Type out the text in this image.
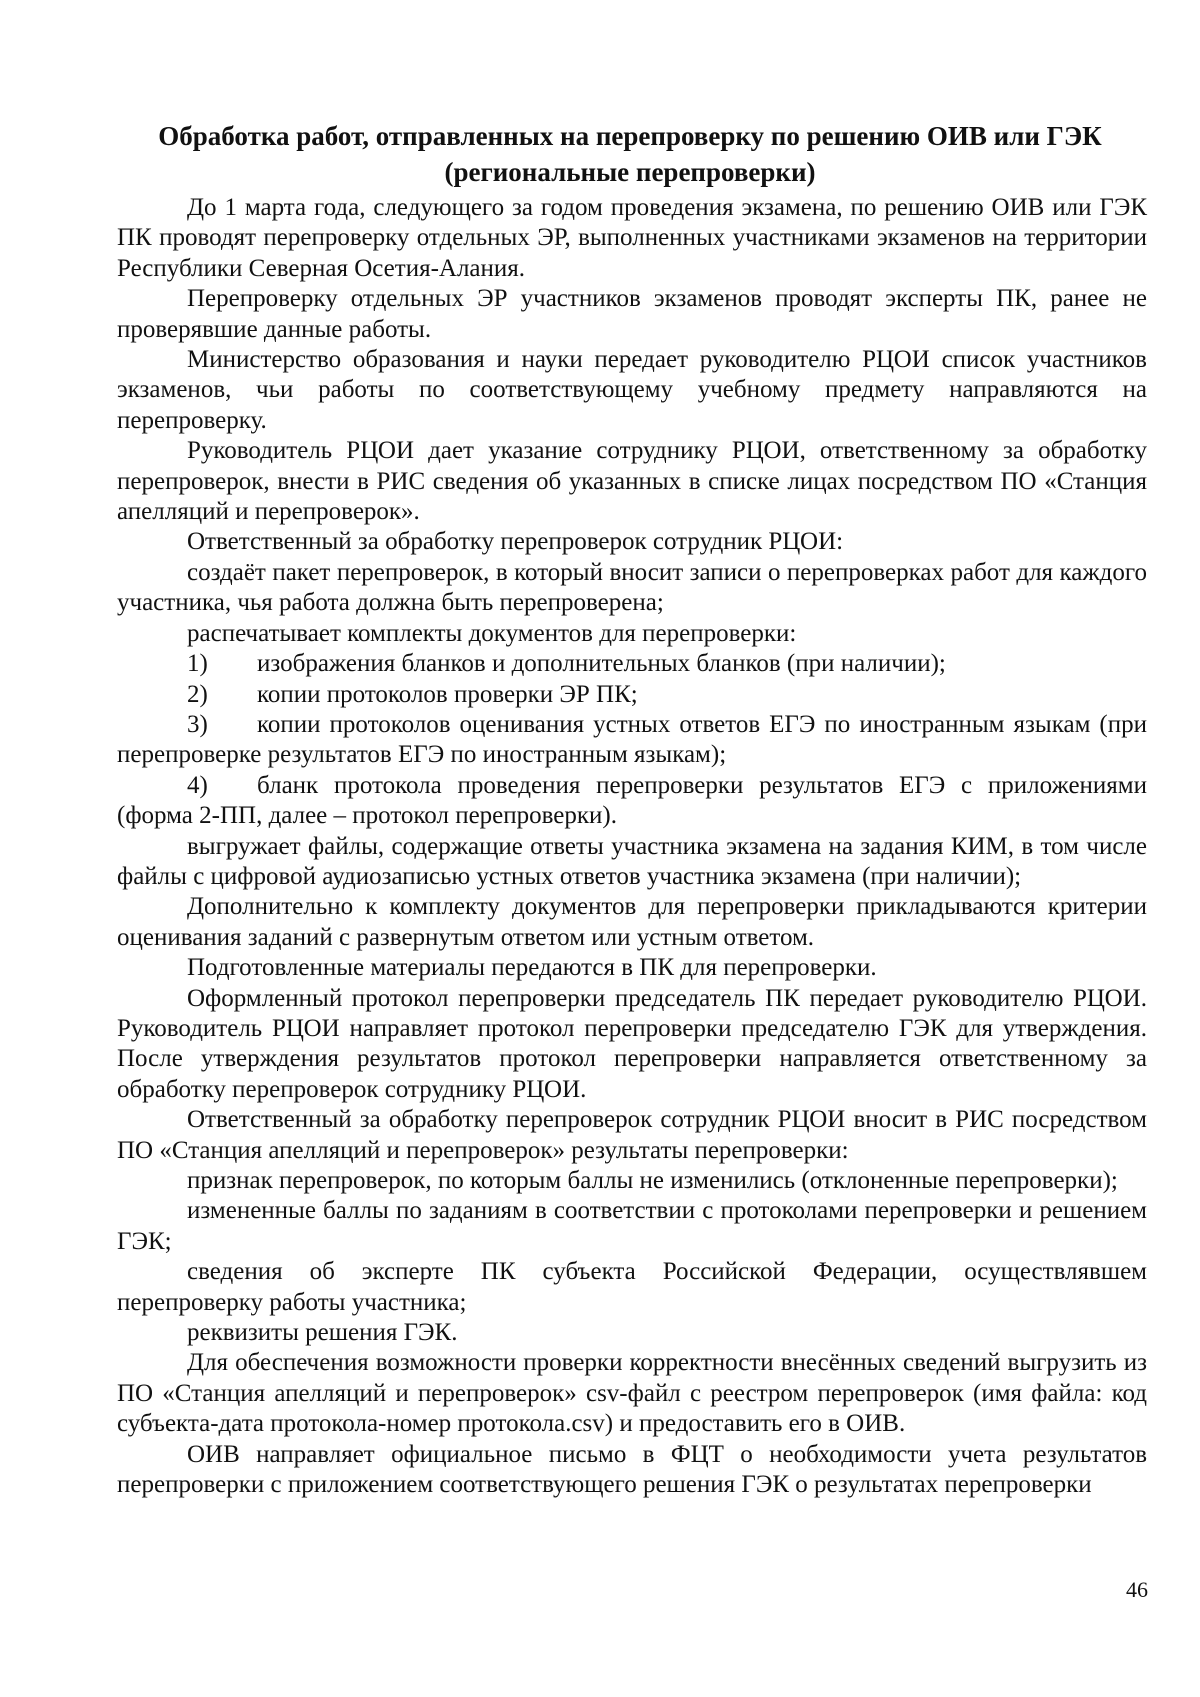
Обработка работ, отправленных на перепроверку по решению ОИВ или ГЭК
(региональные перепроверки)

До 1 марта года, следующего за годом проведения экзамена, по решению ОИВ или ГЭК ПК проводят перепроверку отдельных ЭР, выполненных участниками экзаменов на территории Республики Северная Осетия-Алания.

Перепроверку отдельных ЭР участников экзаменов проводят эксперты ПК, ранее не проверявшие данные работы.

Министерство образования и науки передает руководителю РЦОИ список участников экзаменов, чьи работы по соответствующему учебному предмету направляются на перепроверку.

Руководитель РЦОИ дает указание сотруднику РЦОИ, ответственному за обработку перепроверок, внести в РИС сведения об указанных в списке лицах посредством ПО «Станция апелляций и перепроверок».

Ответственный за обработку перепроверок сотрудник РЦОИ:

создаёт пакет перепроверок, в который вносит записи о перепроверках работ для каждого участника, чья работа должна быть перепроверена;

распечатывает комплекты документов для перепроверки:

1) изображения бланков и дополнительных бланков (при наличии);

2) копии протоколов проверки ЭР ПК;

3) копии протоколов оценивания устных ответов ЕГЭ по иностранным языкам (при перепроверке результатов ЕГЭ по иностранным языкам);

4) бланк протокола проведения перепроверки результатов ЕГЭ с приложениями (форма 2-ПП, далее – протокол перепроверки).

выгружает файлы, содержащие ответы участника экзамена на задания КИМ, в том числе файлы с цифровой аудиозаписью устных ответов участника экзамена (при наличии);

Дополнительно к комплекту документов для перепроверки прикладываются критерии оценивания заданий с развернутым ответом или устным ответом.

Подготовленные материалы передаются в ПК для перепроверки.

Оформленный протокол перепроверки председатель ПК передает руководителю РЦОИ. Руководитель РЦОИ направляет протокол перепроверки председателю ГЭК для утверждения. После утверждения результатов протокол перепроверки направляется ответственному за обработку перепроверок сотруднику РЦОИ.

Ответственный за обработку перепроверок сотрудник РЦОИ вносит в РИС посредством ПО «Станция апелляций и перепроверок» результаты перепроверки:

признак перепроверок, по которым баллы не изменились (отклоненные перепроверки);

измененные баллы по заданиям в соответствии с протоколами перепроверки и решением ГЭК;

сведения об эксперте ПК субъекта Российской Федерации, осуществлявшем перепроверку работы участника;

реквизиты решения ГЭК.

Для обеспечения возможности проверки корректности внесённых сведений выгрузить из ПО «Станция апелляций и перепроверок» csv-файл с реестром перепроверок (имя файла: код субъекта-дата протокола-номер протокола.csv) и предоставить его в ОИВ.

ОИВ направляет официальное письмо в ФЦТ о необходимости учета результатов перепроверки с приложением соответствующего решения ГЭК о результатах перепроверки

46
